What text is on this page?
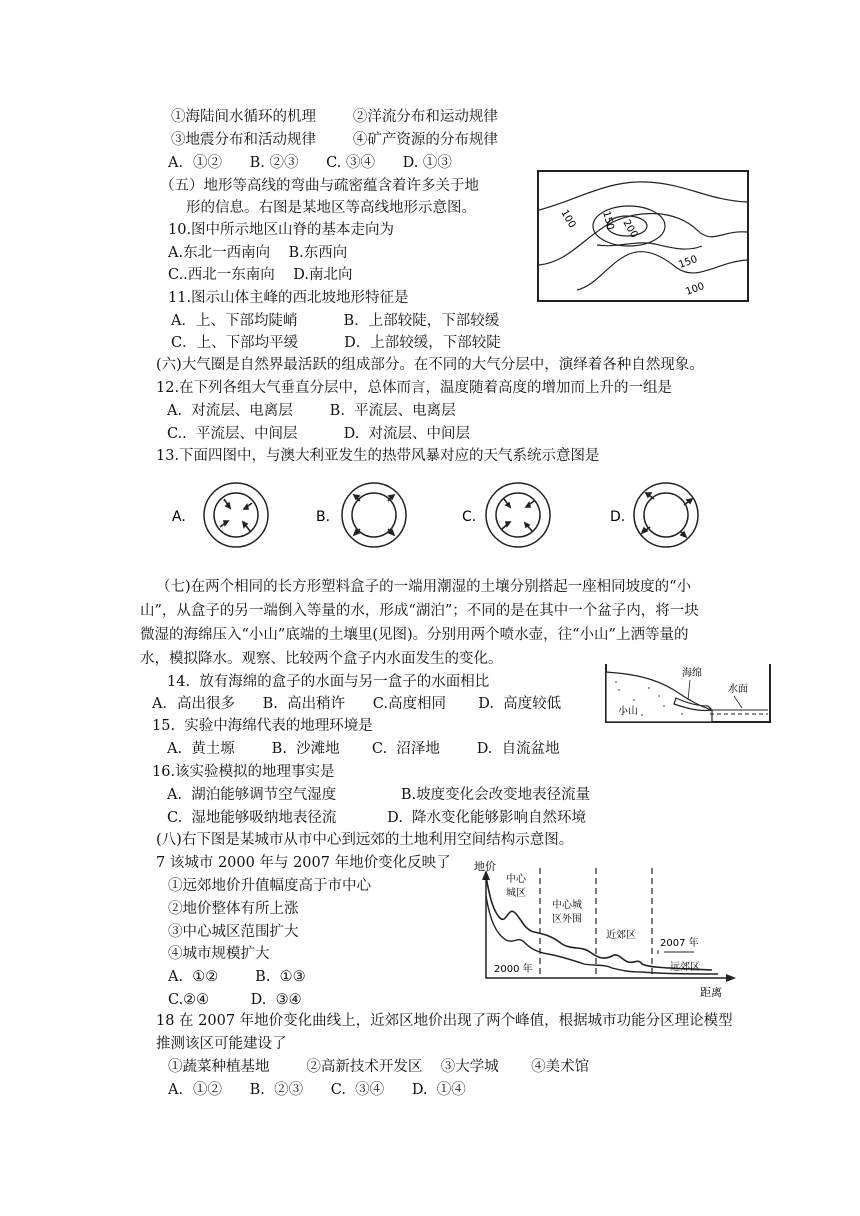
①海陆间水循环的机理        ②洋流分布和运动规律
③地震分布和活动规律        ④矿产资源的分布规律
A．①②      B. ②③      C. ③④      D. ①③
（五）地形等高线的弯曲与疏密蕴含着许多关于地
形的信息。右图是某地区等高线地形示意图。
10.图中所示地区山脊的基本走向为
A.东北一西南向    B.东西向
C..西北一东南向    D.南北向
11.图示山体主峰的西北坡地形特征是
A．上、下部均陡峭          B．上部较陡，下部较缓
C．上、下部均平缓          D．上部较缓，下部较陡
100 150 200
150
100
(六)大气圈是自然界最活跃的组成部分。在不同的大气分层中，演绎着各种自然现象。
12.在下列各组大气垂直分层中，总体而言，温度随着高度的增加而上升的一组是
A.  对流层、电离层        B.  平流层、电离层
C..  平流层、中间层          D.  对流层、中间层
13.下面四图中，与澳大利亚发生的热带风暴对应的天气系统示意图是
A.	B.	C.	D.
（七)在两个相同的长方形塑料盒子的一端用潮湿的土壤分别搭起一座相同坡度的“小
山”，从盒子的另一端倒入等量的水，形成“湖泊”；不同的是在其中一个盆子内，将一块
微湿的海绵压入“小山”底端的土壤里(见图)。分别用两个喷水壶，往“小山”上洒等量的
水，模拟降水。观察、比较两个盒子内水面发生的变化。
14.  放有海绵的盒子的水面与另一盒子的水面相比
A．高出很多      B.  高出稍许      C.高度相同       D.  高度较低
15.  实验中海绵代表的地理环境是
A.  黄土塬        B.  沙滩地       C.  沼泽地        D.  自流盆地
16.该实验模拟的地理事实是
A.  湖泊能够调节空气湿度              B.坡度变化会改变地表径流量
C.  湿地能够吸纳地表径流           D.  降水变化能够影响自然环境
海绵
水面
小山
(八)右下图是某城市从市中心到远郊的土地利用空间结构示意图。
7 该城市 2000 年与 2007 年地价变化反映了
①远郊地价升值幅度高于市中心
②地价整体有所上涨
③中心城区范围扩大
④城市规模扩大
A.  ①②        B.  ①③
C.②④         D.  ③④
18 在 2007 年地价变化曲线上，近郊区地价出现了两个峰值，根据城市功能分区理论模型
推测该区可能建设了
①蔬菜种植基地        ②高新技术开发区    ③大学城       ④美术馆
A．①②      B.  ②③      C.  ③④      D.  ①④
地价
距离
中心
城区
中心城
区外围
近郊区
远郊区
2000 年
2007 年
